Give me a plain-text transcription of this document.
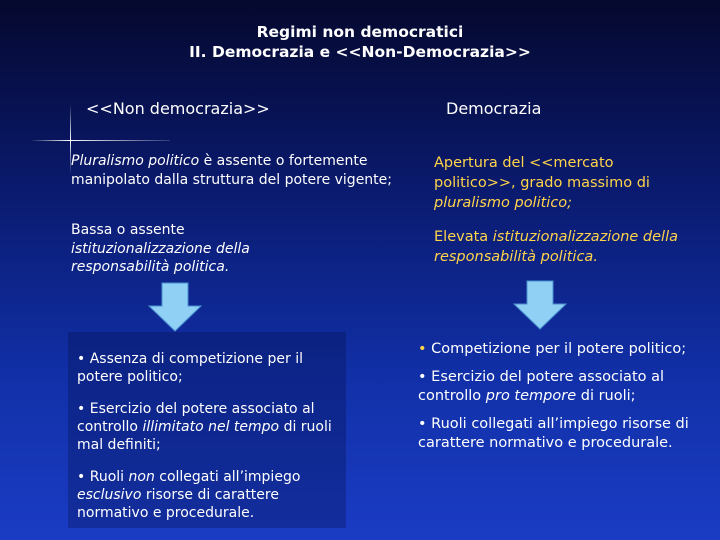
Regimi non democratici
II. Democrazia e <<Non-Democrazia>>
<<Non democrazia>>	Democrazia
Pluralismo politico è assente o fortemente manipolato dalla struttura del potere vigente;
Bassa o assente istituzionalizzazione della responsabilità politica.
Apertura del <<mercato politico>>, grado massimo di pluralismo politico;
Elevata istituzionalizzazione della responsabilità politica.

• Assenza di competizione per il potere politico;

• Esercizio del potere associato al controllo illimitato nel tempo di ruoli mal definiti;

• Ruoli non collegati all’impiego esclusivo risorse di carattere normativo e procedurale.

• Competizione per il potere politico;

• Esercizio del potere associato al controllo pro tempore di ruoli;

• Ruoli collegati all’impiego risorse di carattere normativo e procedurale.
